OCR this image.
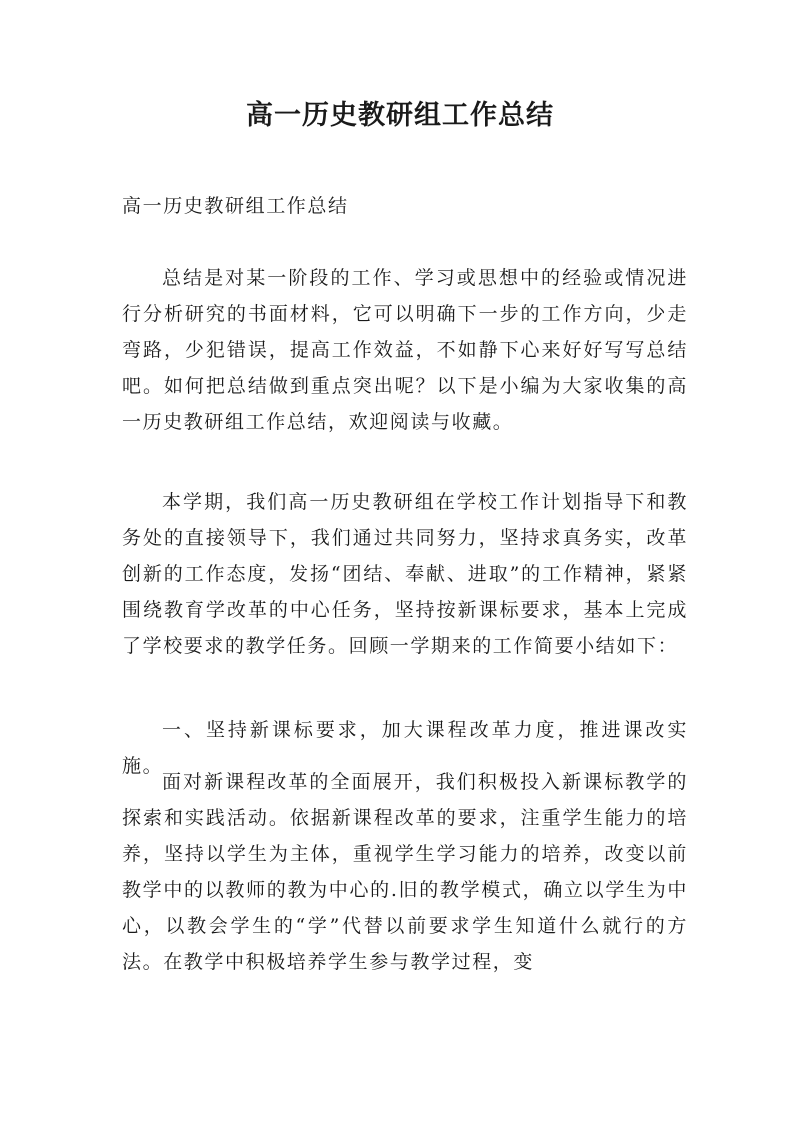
高一历史教研组工作总结

高一历史教研组工作总结

总结是对某一阶段的工作、学习或思想中的经验或情况进行分析研究的书面材料，它可以明确下一步的工作方向，少走弯路，少犯错误，提高工作效益，不如静下心来好好写写总结吧。如何把总结做到重点突出呢？以下是小编为大家收集的高一历史教研组工作总结，欢迎阅读与收藏。

本学期，我们高一历史教研组在学校工作计划指导下和教务处的直接领导下，我们通过共同努力，坚持求真务实，改革创新的工作态度，发扬“团结、奉献、进取”的工作精神，紧紧围绕教育学改革的中心任务，坚持按新课标要求，基本上完成了学校要求的教学任务。回顾一学期来的工作简要小结如下：

一、坚持新课标要求，加大课程改革力度，推进课改实施。

面对新课程改革的全面展开，我们积极投入新课标教学的探索和实践活动。依据新课程改革的要求，注重学生能力的培养，坚持以学生为主体，重视学生学习能力的培养，改变以前教学中的以教师的教为中心的.旧的教学模式，确立以学生为中心，以教会学生的“学”代替以前要求学生知道什么就行的方法。在教学中积极培养学生参与教学过程，变
